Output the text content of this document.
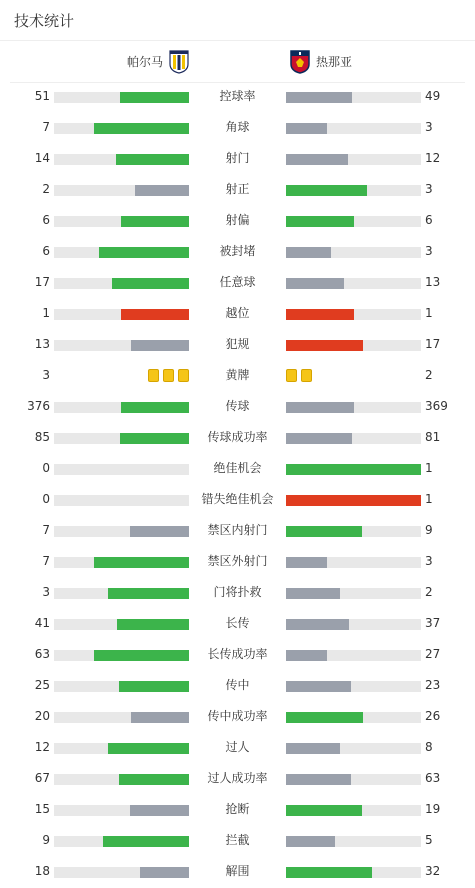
技术统计
帕尔马	热那亚
51	控球率	49
7	角球	3
14	射门	12
2	射正	3
6	射偏	6
6	被封堵	3
17	任意球	13
1	越位	1
13	犯规	17
3	黄牌	2
376	传球	369
85	传球成功率	81
0	绝佳机会	1
0	错失绝佳机会	1
7	禁区内射门	9
7	禁区外射门	3
3	门将扑救	2
41	长传	37
63	长传成功率	27
25	传中	23
20	传中成功率	26
12	过人	8
67	过人成功率	63
15	抢断	19
9	拦截	5
18	解围	32
